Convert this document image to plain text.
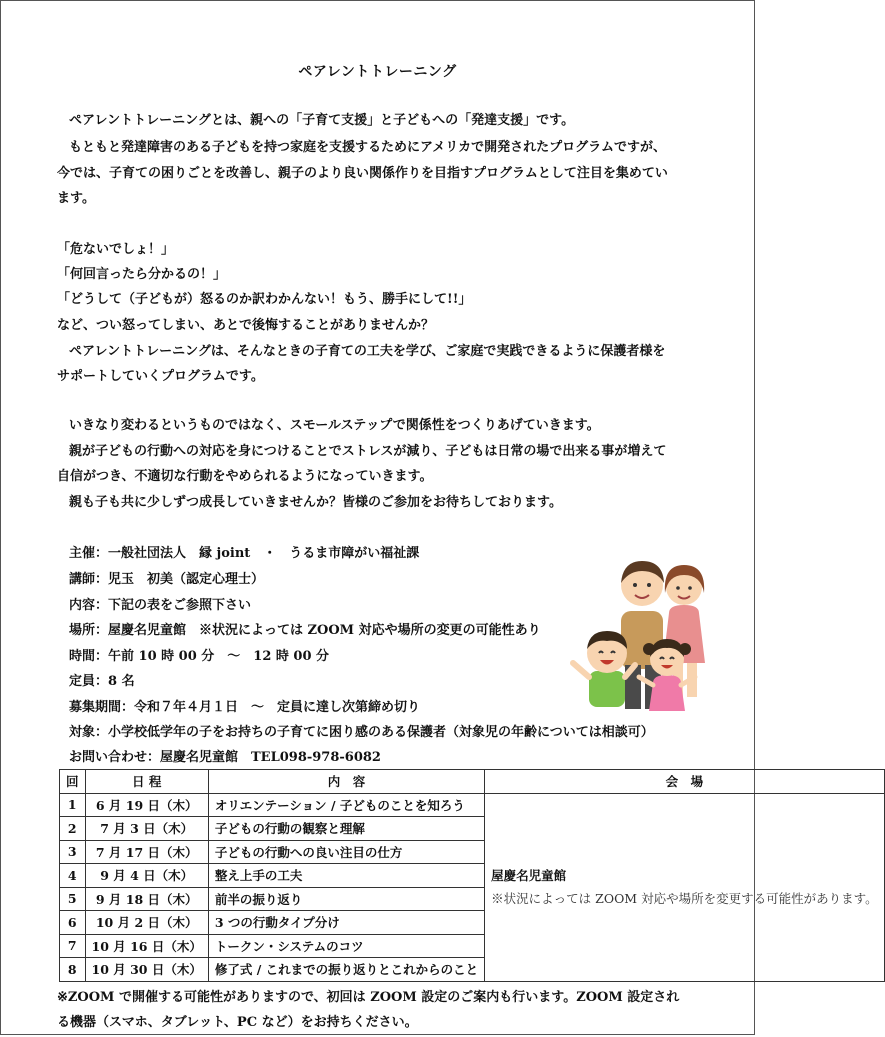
ペアレントトレーニング
ペアレントトレーニングとは、親への「子育て支援」と子どもへの「発達支援」です。
もともと発達障害のある子どもを持つ家庭を支援するためにアメリカで開発されたプログラムですが、
今では、子育ての困りごとを改善し、親子のより良い関係作りを目指すプログラムとして注目を集めてい
ます。
「危ないでしょ！」
「何回言ったら分かるの！」
「どうして（子どもが）怒るのか訳わかんない！もう、勝手にして!!」
など、つい怒ってしまい、あとで後悔することがありませんか？
ペアレントトレーニングは、そんなときの子育ての工夫を学び、ご家庭で実践できるように保護者様を
サポートしていくプログラムです。
いきなり変わるというものではなく、スモールステップで関係性をつくりあげていきます。
親が子どもの行動への対応を身につけることでストレスが減り、子どもは日常の場で出来る事が増えて
自信がつき、不適切な行動をやめられるようになっていきます。
親も子も共に少しずつ成長していきませんか？皆様のご参加をお待ちしております。
主催：一般社団法人　縁 joint　・　うるま市障がい福祉課
講師：児玉　初美（認定心理士）
内容：下記の表をご参照下さい
場所：屋慶名児童館　※状況によっては ZOOM 対応や場所の変更の可能性あり
時間：午前 10 時 00 分　～　12 時 00 分
定員：8 名
募集期間：令和７年４月１日　～　定員に達し次第締め切り
対象：小学校低学年の子をお持ちの子育てに困り感のある保護者（対象児の年齢については相談可）
お問い合わせ：屋慶名児童館　TEL098-978-6082
回	日 程	内　容	会　場
1	6 月 19 日（木）	オリエンテーション / 子どものことを知ろう	屋慶名児童館
※状況によっては ZOOM 対応や場所を変更する可能性があります。

2	7 月 3 日（木）	子どもの行動の観察と理解	
3	7 月 17 日（木）	子どもの行動への良い注目の仕方	
4	9 月 4 日（木）	整え上手の工夫	
5	9 月 18 日（木）	前半の振り返り	
6	10 月 2 日（木）	3 つの行動タイプ分け	
7	10 月 16 日（木）	トークン・システムのコツ	
8	10 月 30 日（木）	修了式 / これまでの振り返りとこれからのこと	
※ZOOM で開催する可能性がありますので、初回は ZOOM 設定のご案内も行います。ZOOM 設定され
る機器（スマホ、タブレット、PC など）をお持ちください。
